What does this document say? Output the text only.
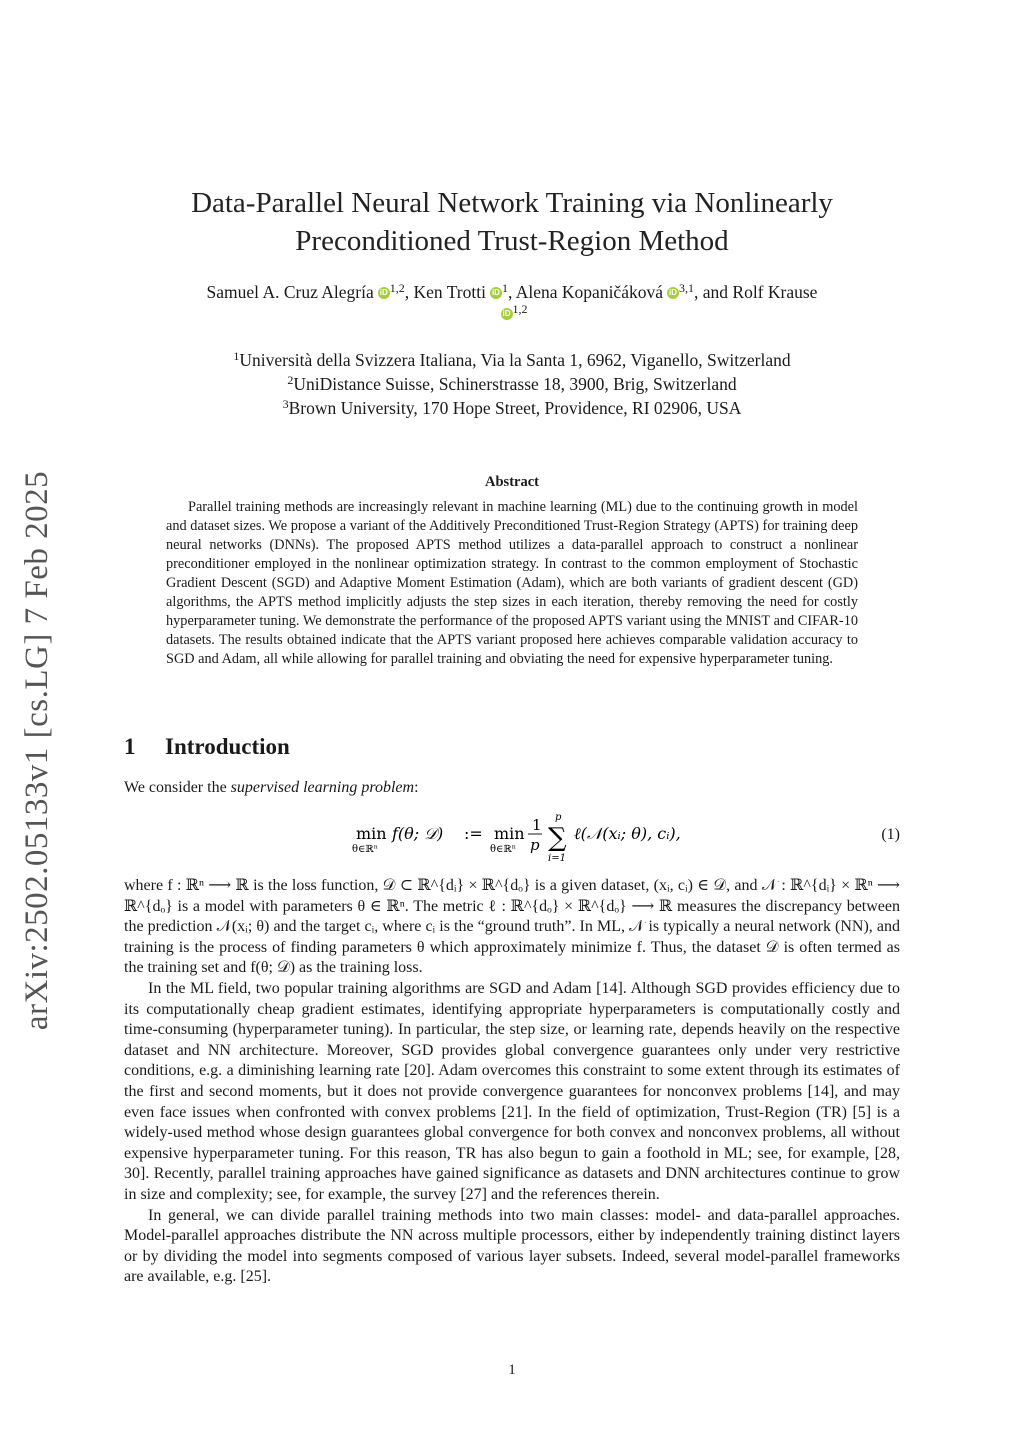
arXiv:2502.05133v1 [cs.LG] 7 Feb 2025
Data-Parallel Neural Network Training via Nonlinearly
Preconditioned Trust-Region Method
Samuel A. Cruz Alegría iD $^{1,2}$, Ken Trotti iD $^1$, Alena Kopaničáková iD $^{3,1}$, and Rolf Krause
iD $^{1,2}$
$^1$Università della Svizzera Italiana, Via la Santa 1, 6962, Viganello, Switzerland
$^2$UniDistance Suisse, Schinerstrasse 18, 3900, Brig, Switzerland
$^3$Brown University, 170 Hope Street, Providence, RI 02906, USA
Abstract

Parallel training methods are increasingly relevant in machine learning (ML) due to the continuing growth in model and dataset sizes. We propose a variant of the Additively Preconditioned Trust-Region Strategy (APTS) for training deep neural networks (DNNs). The proposed APTS method utilizes a data-parallel approach to construct a nonlinear preconditioner employed in the nonlinear optimization strategy. In contrast to the common employment of Stochastic Gradient Descent (SGD) and Adaptive Moment Estimation (Adam), which are both variants of gradient descent (GD) algorithms, the APTS method implicitly adjusts the step sizes in each iteration, thereby removing the need for costly hyperparameter tuning. We demonstrate the performance of the proposed APTS variant using the MNIST and CIFAR-10 datasets. The results obtained indicate that the APTS variant proposed here achieves comparable validation accuracy to SGD and Adam, all while allowing for parallel training and obviating the need for expensive hyperparameter tuning.

1 Introduction
We consider the supervised learning problem:
min
θ∈ℝⁿ
f(θ; 𝒟) := min
θ∈ℝⁿ
1
p
p
∑
i=1
ℓ(𝒩(xᵢ; θ), cᵢ),	(1)

where f : ℝⁿ ⟶ ℝ is the loss function, 𝒟 ⊂ ℝ^{dᵢ} × ℝ^{dₒ} is a given dataset, (xᵢ, cᵢ) ∈ 𝒟, and 𝒩 : ℝ^{dᵢ} × ℝⁿ ⟶ ℝ^{dₒ} is a model with parameters θ ∈ ℝⁿ. The metric ℓ : ℝ^{dₒ} × ℝ^{dₒ} ⟶ ℝ measures the discrepancy between the prediction 𝒩(xᵢ; θ) and the target cᵢ, where cᵢ is the “ground truth”. In ML, 𝒩 is typically a neural network (NN), and training is the process of finding parameters θ which approximately minimize f. Thus, the dataset 𝒟 is often termed as the training set and f(θ; 𝒟) as the training loss.

In the ML field, two popular training algorithms are SGD and Adam [14]. Although SGD provides efficiency due to its computationally cheap gradient estimates, identifying appropriate hyperparameters is computationally costly and time-consuming (hyperparameter tuning). In particular, the step size, or learning rate, depends heavily on the respective dataset and NN architecture. Moreover, SGD provides global convergence guarantees only under very restrictive conditions, e.g. a diminishing learning rate [20]. Adam overcomes this constraint to some extent through its estimates of the first and second moments, but it does not provide convergence guarantees for nonconvex problems [14], and may even face issues when confronted with convex problems [21]. In the field of optimization, Trust-Region (TR) [5] is a widely-used method whose design guarantees global convergence for both convex and nonconvex problems, all without expensive hyperparameter tuning. For this reason, TR has also begun to gain a foothold in ML; see, for example, [28, 30]. Recently, parallel training approaches have gained significance as datasets and DNN architectures continue to grow in size and complexity; see, for example, the survey [27] and the references therein.

In general, we can divide parallel training methods into two main classes: model- and data-parallel approaches. Model-parallel approaches distribute the NN across multiple processors, either by independently training distinct layers or by dividing the model into segments composed of various layer subsets. Indeed, several model-parallel frameworks are available, e.g. [25].

1
